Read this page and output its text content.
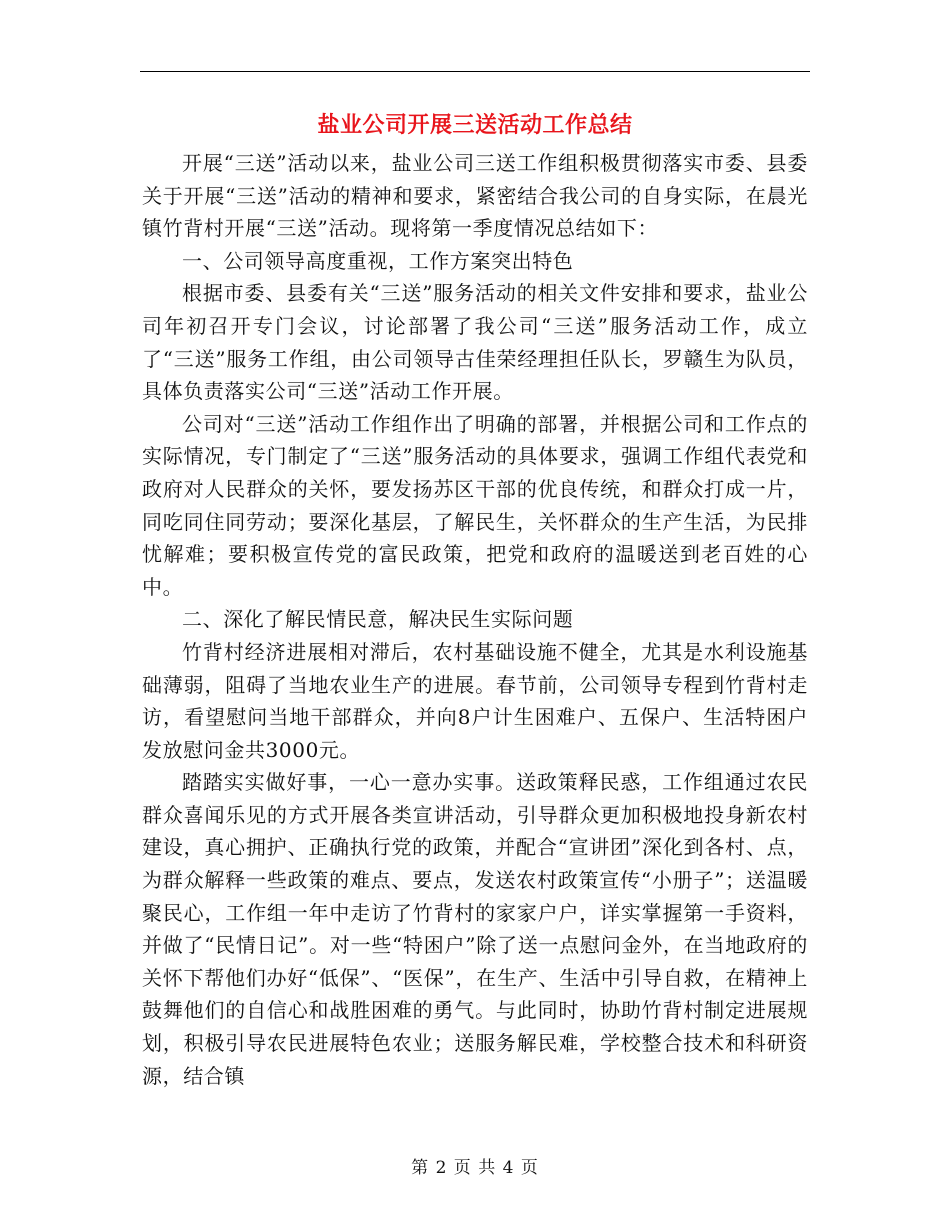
盐业公司开展三送活动工作总结

开展“三送”活动以来，盐业公司三送工作组积极贯彻落实市委、县委关于开展“三送”活动的精神和要求，紧密结合我公司的自身实际，在晨光镇竹背村开展“三送”活动。现将第一季度情况总结如下：

一、公司领导高度重视，工作方案突出特色

根据市委、县委有关“三送”服务活动的相关文件安排和要求，盐业公司年初召开专门会议，讨论部署了我公司“三送”服务活动工作，成立了“三送”服务工作组，由公司领导古佳荣经理担任队长，罗赣生为队员，具体负责落实公司“三送”活动工作开展。

公司对“三送”活动工作组作出了明确的部署，并根据公司和工作点的实际情况，专门制定了“三送”服务活动的具体要求，强调工作组代表党和政府对人民群众的关怀，要发扬苏区干部的优良传统，和群众打成一片，同吃同住同劳动；要深化基层，了解民生，关怀群众的生产生活，为民排忧解难；要积极宣传党的富民政策，把党和政府的温暖送到老百姓的心中。

二、深化了解民情民意，解决民生实际问题

竹背村经济进展相对滞后，农村基础设施不健全，尤其是水利设施基础薄弱，阻碍了当地农业生产的进展。春节前，公司领导专程到竹背村走访，看望慰问当地干部群众，并向8户计生困难户、五保户、生活特困户发放慰问金共3000元。

踏踏实实做好事，一心一意办实事。送政策释民惑，工作组通过农民群众喜闻乐见的方式开展各类宣讲活动，引导群众更加积极地投身新农村建设，真心拥护、正确执行党的政策，并配合“宣讲团”深化到各村、点，为群众解释一些政策的难点、要点，发送农村政策宣传“小册子”；送温暖聚民心，工作组一年中走访了竹背村的家家户户，详实掌握第一手资料，并做了“民情日记”。对一些“特困户”除了送一点慰问金外，在当地政府的关怀下帮他们办好“低保”、“医保”，在生产、生活中引导自救，在精神上鼓舞他们的自信心和战胜困难的勇气。与此同时，协助竹背村制定进展规划，积极引导农民进展特色农业；送服务解民难，学校整合技术和科研资源，结合镇

第 2 页 共 4 页
